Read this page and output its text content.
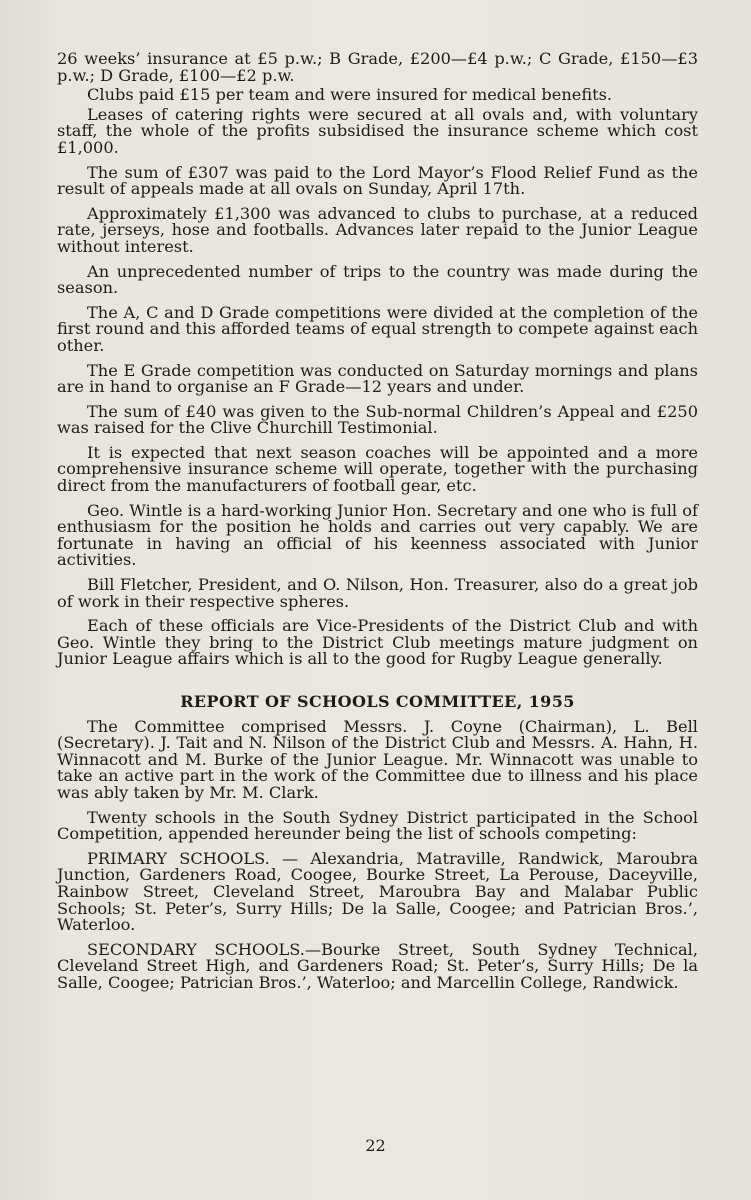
26 weeks’ insurance at £5 p.w.; B Grade, £200—£4 p.w.; C Grade, £150—£3 p.w.; D Grade, £100—£2 p.w.

Clubs paid £15 per team and were insured for medical benefits.

Leases of catering rights were secured at all ovals and, with voluntary staff, the whole of the profits subsidised the insurance scheme which cost £1,000.

The sum of £307 was paid to the Lord Mayor’s Flood Relief Fund as the result of appeals made at all ovals on Sunday, April 17th.

Approximately £1,300 was advanced to clubs to purchase, at a reduced rate, jerseys, hose and footballs. Advances later repaid to the Junior League without interest.

An unprecedented number of trips to the country was made during the season.

The A, C and D Grade competitions were divided at the completion of the first round and this afforded teams of equal strength to compete against each other.

The E Grade competition was conducted on Saturday mornings and plans are in hand to organise an F Grade—12 years and under.

The sum of £40 was given to the Sub-normal Children’s Appeal and £250 was raised for the Clive Churchill Testimonial.

It is expected that next season coaches will be appointed and a more comprehensive insurance scheme will operate, together with the purchasing direct from the manufacturers of football gear, etc.

Geo. Wintle is a hard-working Junior Hon. Secretary and one who is full of enthusiasm for the position he holds and carries out very capably. We are fortunate in having an official of his keenness associated with Junior activities.

Bill Fletcher, President, and O. Nilson, Hon. Treasurer, also do a great job of work in their respective spheres.

Each of these officials are Vice-Presidents of the District Club and with Geo. Wintle they bring to the District Club meetings mature judgment on Junior League affairs which is all to the good for Rugby League generally.

REPORT OF SCHOOLS COMMITTEE, 1955

The Committee comprised Messrs. J. Coyne (Chairman), L. Bell (Secretary). J. Tait and N. Nilson of the District Club and Messrs. A. Hahn, H. Winnacott and M. Burke of the Junior League. Mr. Winnacott was unable to take an active part in the work of the Committee due to illness and his place was ably taken by Mr. M. Clark.

Twenty schools in the South Sydney District participated in the School Competition, appended hereunder being the list of schools competing:

PRIMARY SCHOOLS. — Alexandria, Matraville, Randwick, Maroubra Junction, Gardeners Road, Coogee, Bourke Street, La Perouse, Daceyville, Rainbow Street, Cleveland Street, Maroubra Bay and Malabar Public Schools; St. Peter’s, Surry Hills; De la Salle, Coogee; and Patrician Bros.’, Waterloo.

SECONDARY SCHOOLS.—Bourke Street, South Sydney Technical, Cleveland Street High, and Gardeners Road; St. Peter’s, Surry Hills; De la Salle, Coogee; Patrician Bros.’, Waterloo; and Marcellin College, Randwick.

22
